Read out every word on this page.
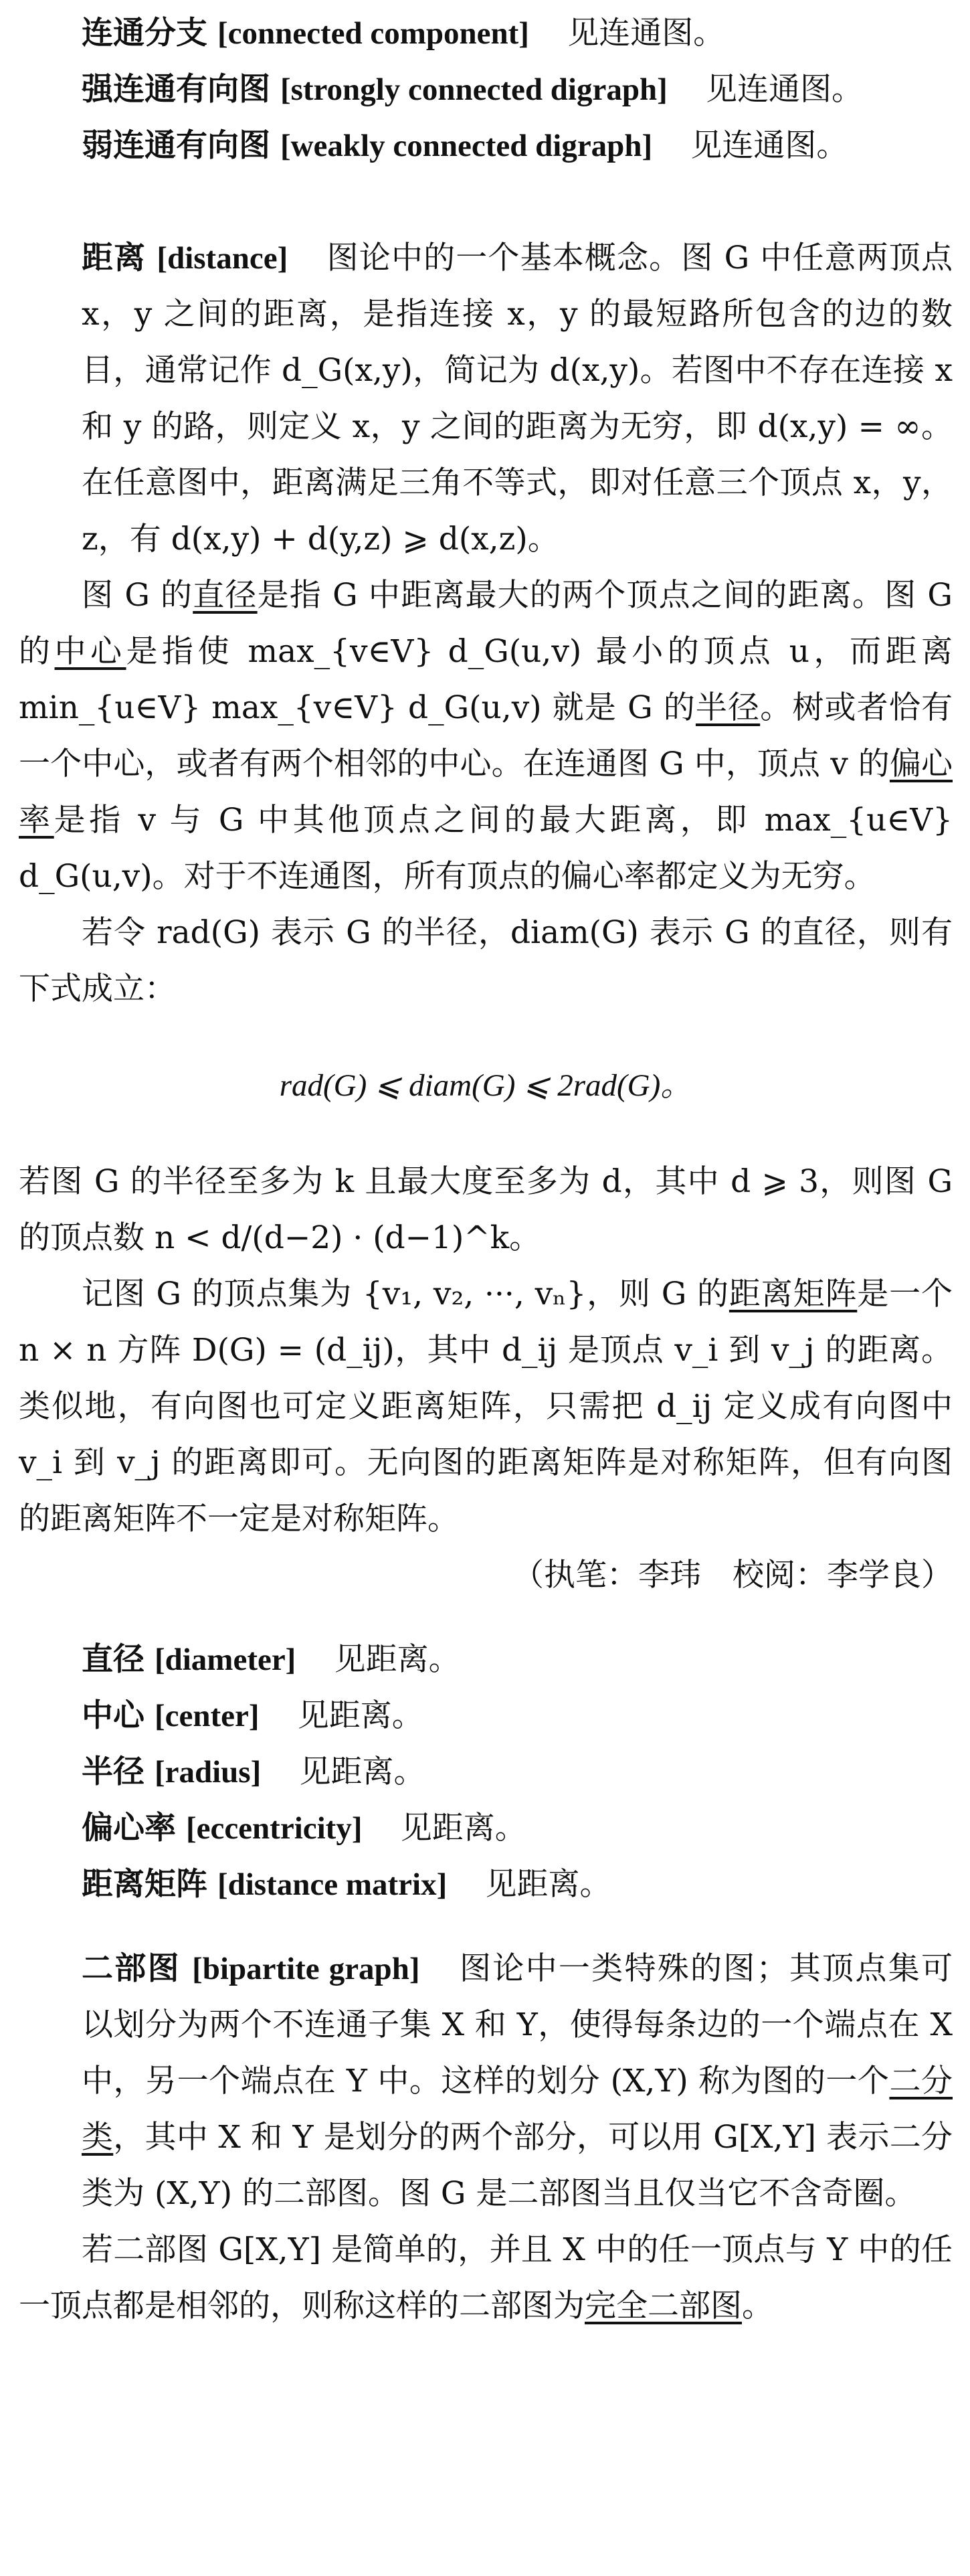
连通分支 [connected component] 见连通图。

强连通有向图 [strongly connected digraph] 见连通图。

弱连通有向图 [weakly connected digraph] 见连通图。

距离 [distance] 图论中的一个基本概念。图 G 中任意两顶点 x，y 之间的距离，是指连接 x，y 的最短路所包含的边的数目，通常记作 d_G(x,y)，简记为 d(x,y)。若图中不存在连接 x 和 y 的路，则定义 x，y 之间的距离为无穷，即 d(x,y) = ∞。在任意图中，距离满足三角不等式，即对任意三个顶点 x，y，z，有 d(x,y) + d(y,z) ⩾ d(x,z)。

图 G 的直径是指 G 中距离最大的两个顶点之间的距离。图 G 的中心是指使 max_{v∈V} d_G(u,v) 最小的顶点 u，而距离 min_{u∈V} max_{v∈V} d_G(u,v) 就是 G 的半径。树或者恰有一个中心，或者有两个相邻的中心。在连通图 G 中，顶点 v 的偏心率是指 v 与 G 中其他顶点之间的最大距离，即 max_{u∈V} d_G(u,v)。对于不连通图，所有顶点的偏心率都定义为无穷。

若令 rad(G) 表示 G 的半径，diam(G) 表示 G 的直径，则有下式成立：

rad(G) ⩽ diam(G) ⩽ 2rad(G)。

若图 G 的半径至多为 k 且最大度至多为 d，其中 d ⩾ 3，则图 G 的顶点数 n < d/(d−2) · (d−1)^k。

记图 G 的顶点集为 {v₁, v₂, ···, vₙ}，则 G 的距离矩阵是一个 n × n 方阵 D(G) = (d_ij)，其中 d_ij 是顶点 v_i 到 v_j 的距离。类似地，有向图也可定义距离矩阵，只需把 d_ij 定义成有向图中 v_i 到 v_j 的距离即可。无向图的距离矩阵是对称矩阵，但有向图的距离矩阵不一定是对称矩阵。

（执笔：李玮　校阅：李学良）

直径 [diameter] 见距离。

中心 [center] 见距离。

半径 [radius] 见距离。

偏心率 [eccentricity] 见距离。

距离矩阵 [distance matrix] 见距离。

二部图 [bipartite graph] 图论中一类特殊的图；其顶点集可以划分为两个不连通子集 X 和 Y，使得每条边的一个端点在 X 中，另一个端点在 Y 中。这样的划分 (X,Y) 称为图的一个二分类，其中 X 和 Y 是划分的两个部分，可以用 G[X,Y] 表示二分类为 (X,Y) 的二部图。图 G 是二部图当且仅当它不含奇圈。

若二部图 G[X,Y] 是简单的，并且 X 中的任一顶点与 Y 中的任一顶点都是相邻的，则称这样的二部图为完全二部图。
